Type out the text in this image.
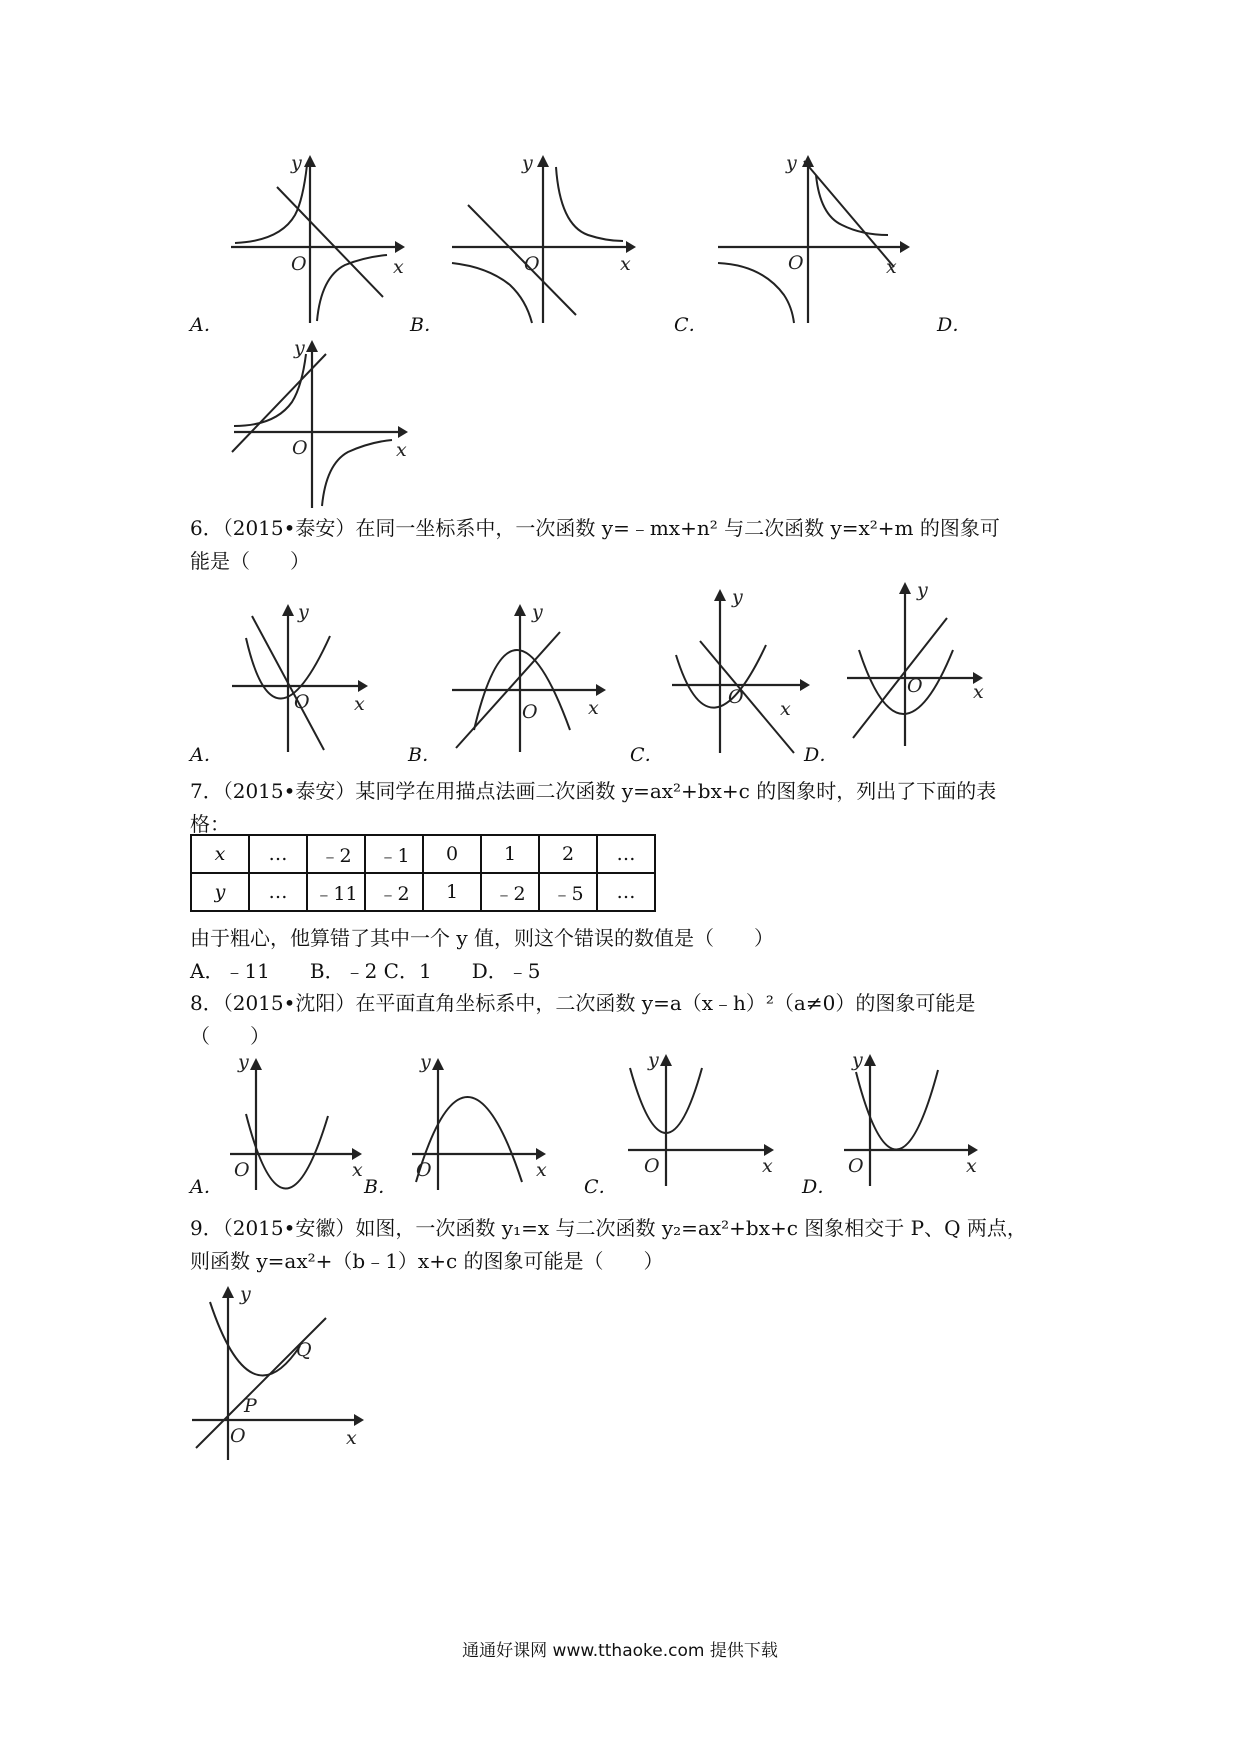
O	x
y
A．
O	x
y
B．
O	x
y
C．	D．
O	x
y
6．（2015•泰安）在同一坐标系中，一次函数 y=﹣mx+n² 与二次函数 y=x²+m 的图象可
能是（　　）
O x
y
A．
O	x
y
B．
O
x
y
C．
O	x
y
D．
7．（2015•泰安）某同学在用描点法画二次函数 y=ax²+bx+c 的图象时，列出了下面的表
格：
x	…	﹣2	﹣1	0	1	2	…
y	…	﹣11	﹣2	1	﹣2	﹣5	…
由于粗心，他算错了其中一个 y 值，则这个错误的数值是（　　）
A．﹣11　　B．﹣2 C．1　　D．﹣5
8．（2015•沈阳）在平面直角坐标系中，二次函数 y=a（x﹣h）²（a≠0）的图象可能是
（　　）
O	x
y
A．
O	x
y
B．
O	x
y
C．
O	x
y
D．
9．（2015•安徽）如图，一次函数 y₁=x 与二次函数 y₂=ax²+bx+c 图象相交于 P、Q 两点，
则函数 y=ax²+（b﹣1）x+c 的图象可能是（　　）
O	x
y
P
Q
通通好课网 www.tthaoke.com 提供下载
